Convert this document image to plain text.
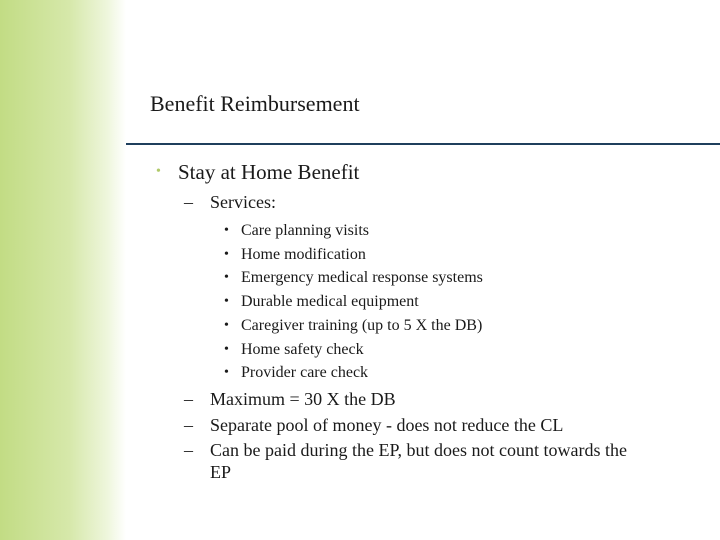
Benefit Reimbursement
• Stay at Home Benefit
– Services:
• Care planning visits
• Home modification
• Emergency medical response systems
• Durable medical equipment
• Caregiver training (up to 5 X the DB)
• Home safety check
• Provider care check
– Maximum = 30 X the DB
– Separate pool of money - does not reduce the CL
– Can be paid during the EP, but does not count towards the EP
